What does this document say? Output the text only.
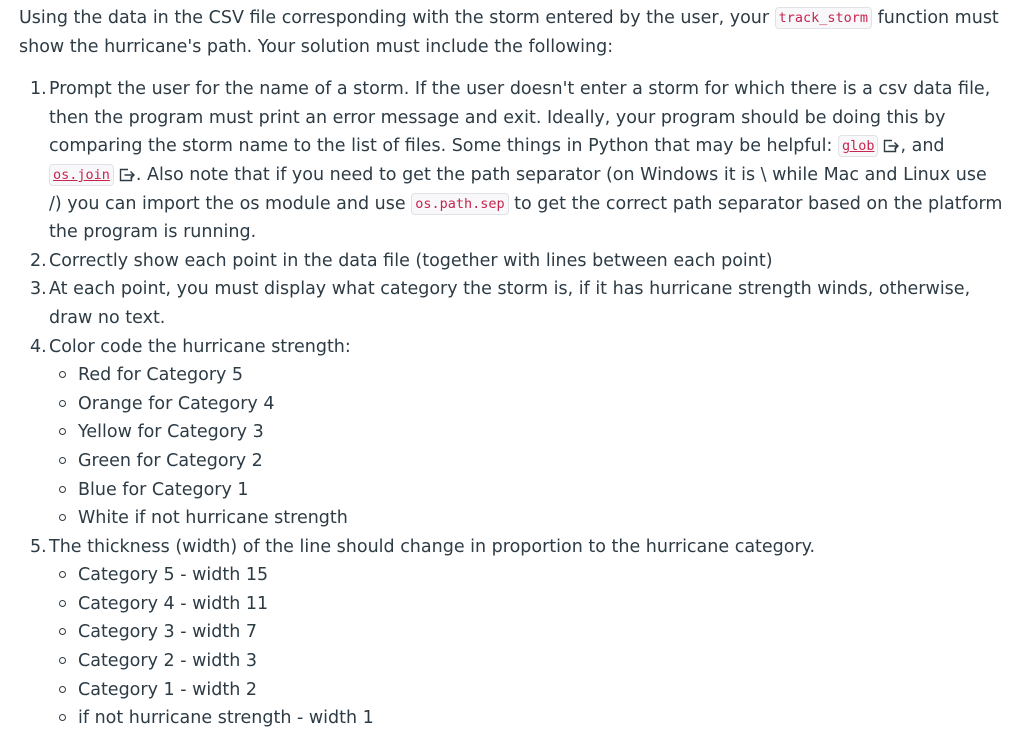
Using the data in the CSV file corresponding with the storm entered by the user, your track_storm function must show the hurricane's path. Your solution must include the following:

1. Prompt the user for the name of a storm. If the user doesn't enter a storm for which there is a csv data file, then the program must print an error message and exit. Ideally, your program should be doing this by comparing the storm name to the list of files. Some things in Python that may be helpful: glob , and os.join . Also note that if you need to get the path separator (on Windows it is \ while Mac and Linux use /) you can import the os module and use os.path.sep to get the correct path separator based on the platform the program is running.
2. Correctly show each point in the data file (together with lines between each point)
3. At each point, you must display what category the storm is, if it has hurricane strength winds, otherwise, draw no text.
4. Color code the hurricane strength:
Red for Category 5
Orange for Category 4
Yellow for Category 3
Green for Category 2
Blue for Category 1
White if not hurricane strength
5. The thickness (width) of the line should change in proportion to the hurricane category.
Category 5 - width 15
Category 4 - width 11
Category 3 - width 7
Category 2 - width 3
Category 1 - width 2
if not hurricane strength - width 1
